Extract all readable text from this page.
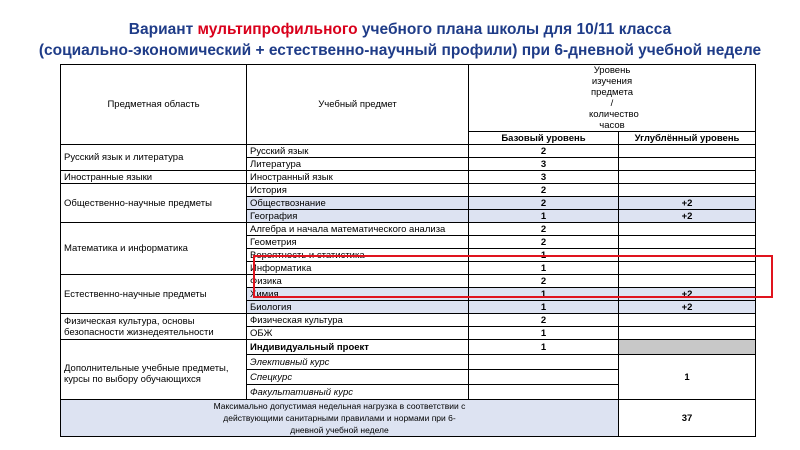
Вариант мультипрофильного учебного плана школы для 10/11 класса
(социально-экономический + естественно-научный профили) при 6-дневной учебной неделе
Предметная область	Учебный предмет	Уровень изучения предмета / количество часов	
		Базовый уровень	Углублённый уровень
Русский язык и литература	Русский язык	2	
	Литература	3	
Иностранные языки	Иностранный язык	3	
Общественно-научные предметы	История	2	
	Обществознание	2	+2
	География	1	+2
Математика и информатика	Алгебра и начала математического анализа	2	
	Геометрия	2	
	Вероятность и статистика	1	
	Информатика	1	
Естественно-научные предметы	Физика	2	
	Химия	1	+2
	Биология	1	+2
Физическая культура, основы безопасности жизнедеятельности	Физическая культура	2	
	ОБЖ	1	
Дополнительные учебные предметы, курсы по выбору обучающихся	Индивидуальный проект	1	
	Элективный курс		1
	Спецкурс		
	Факультативный курс		
Максимально допустимая недельная нагрузка в соответствии с действующими санитарными правилами и нормами при 6-дневной учебной неделе			37
